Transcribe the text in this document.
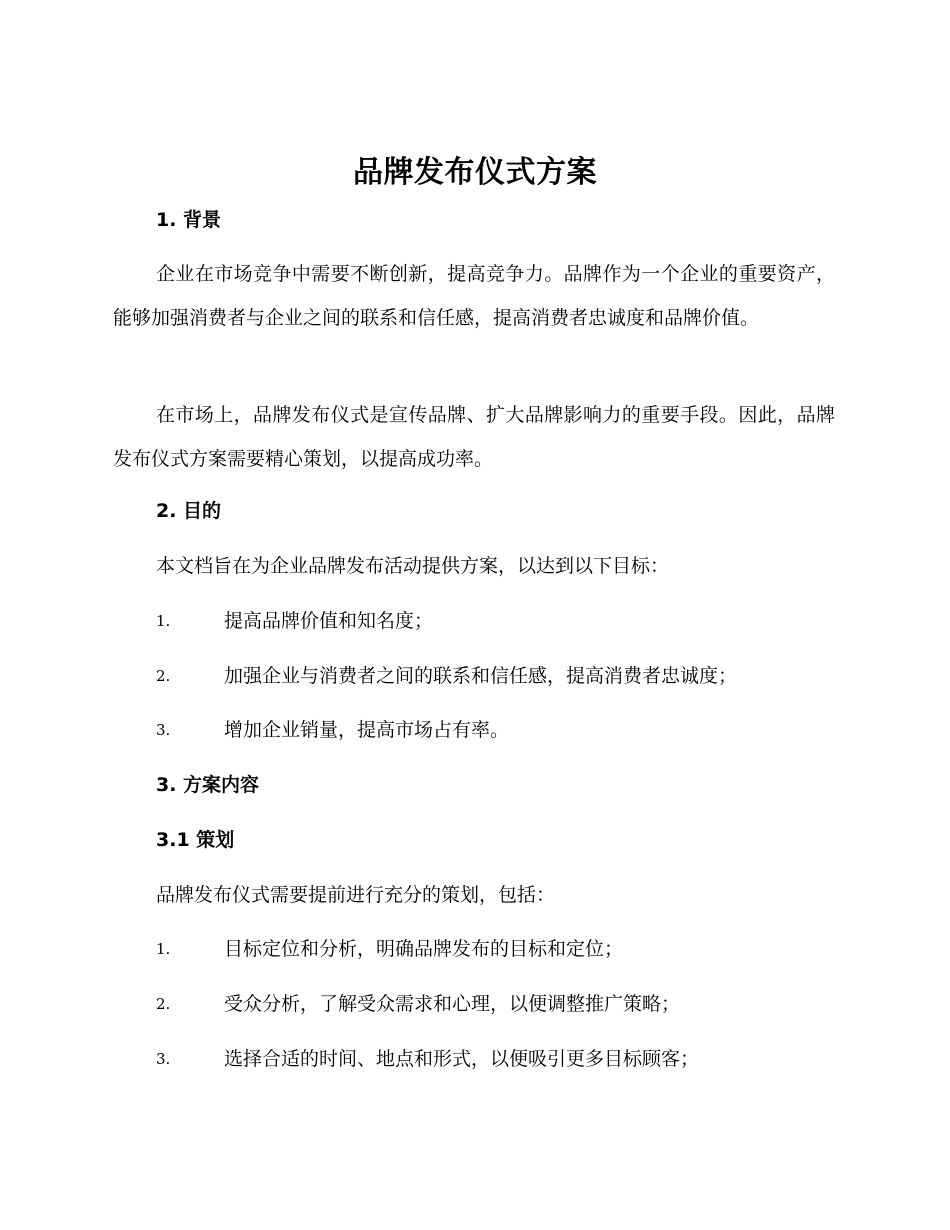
品牌发布仪式方案
1. 背景
企业在市场竞争中需要不断创新，提高竞争力。品牌作为一个企业的重要资产，能够加强消费者与企业之间的联系和信任感，提高消费者忠诚度和品牌价值。
在市场上，品牌发布仪式是宣传品牌、扩大品牌影响力的重要手段。因此，品牌发布仪式方案需要精心策划，以提高成功率。
2. 目的
本文档旨在为企业品牌发布活动提供方案，以达到以下目标：
1.	提高品牌价值和知名度；
2.	加强企业与消费者之间的联系和信任感，提高消费者忠诚度；
3.	增加企业销量，提高市场占有率。
3. 方案内容
3.1 策划
品牌发布仪式需要提前进行充分的策划，包括：
1.	目标定位和分析，明确品牌发布的目标和定位；
2.	受众分析，了解受众需求和心理，以便调整推广策略；
3.	选择合适的时间、地点和形式，以便吸引更多目标顾客；
